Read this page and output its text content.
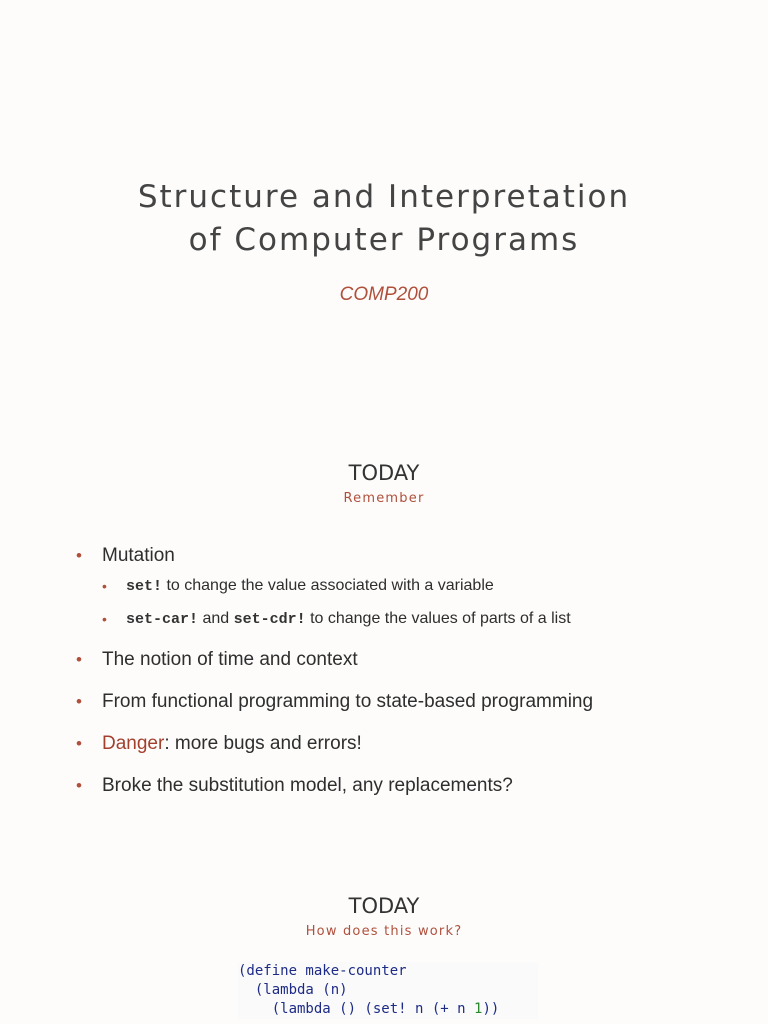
Structure and Interpretation
of Computer Programs
COMP200
TODAY
Remember
• Mutation
• set! to change the value associated with a variable
• set-car! and set-cdr! to change the values of parts of a list
• The notion of time and context
• From functional programming to state-based programming
• Danger: more bugs and errors!
• Broke the substitution model, any replacements?
TODAY
How does this work?
(define make-counter
(lambda (n)
(lambda () (set! n (+ n 1))
